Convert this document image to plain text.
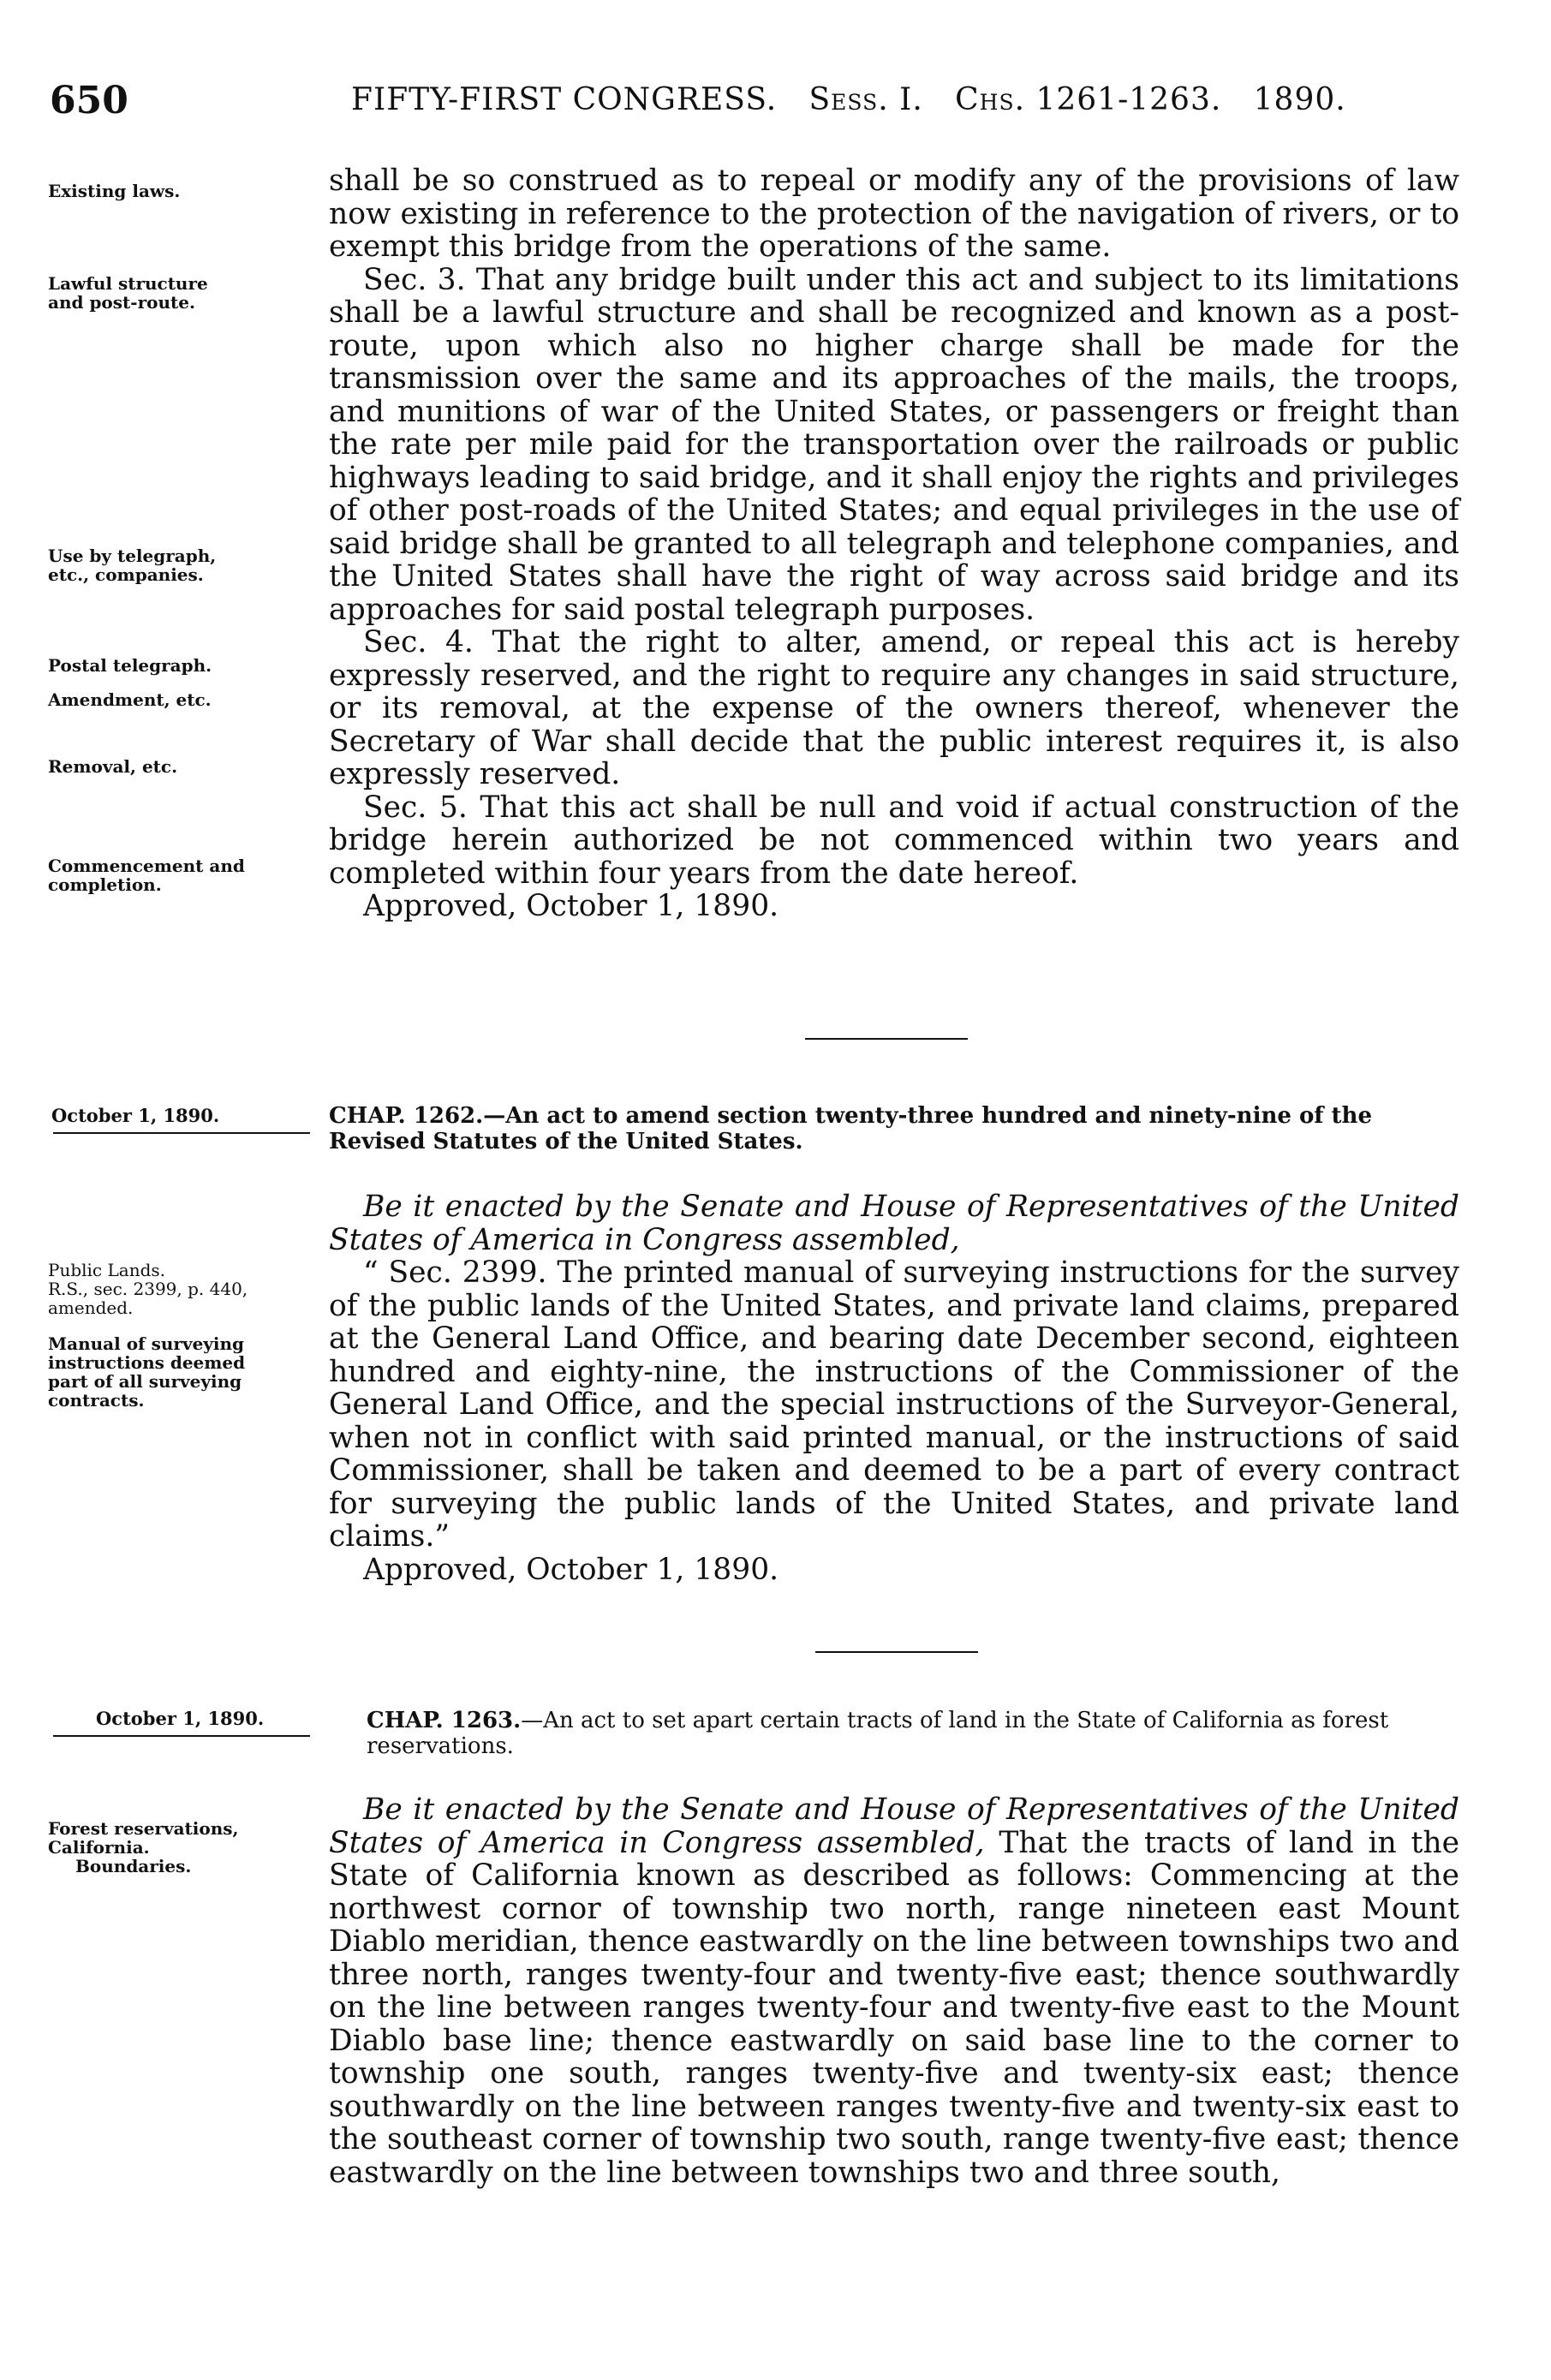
650	FIFTY-FIRST CONGRESS. Sess. I. Chs. 1261-1263. 1890.
Existing laws.
Lawful structure
and post-route.
Use by telegraph,
etc., companies.
Postal telegraph.
Amendment, etc.
Removal, etc.
Commencement and
completion.

shall be so construed as to repeal or modify any of the provisions of law now existing in reference to the protection of the navigation of rivers, or to exempt this bridge from the operations of the same.

Sec. 3. That any bridge built under this act and subject to its limitations shall be a lawful structure and shall be recognized and known as a post-route, upon which also no higher charge shall be made for the transmission over the same and its approaches of the mails, the troops, and munitions of war of the United States, or passengers or freight than the rate per mile paid for the transportation over the railroads or public highways leading to said bridge, and it shall enjoy the rights and privileges of other post-roads of the United States; and equal privileges in the use of said bridge shall be granted to all telegraph and telephone companies, and the United States shall have the right of way across said bridge and its approaches for said postal telegraph purposes.

Sec. 4. That the right to alter, amend, or repeal this act is hereby expressly reserved, and the right to require any changes in said structure, or its removal, at the expense of the owners thereof, whenever the Secretary of War shall decide that the public interest requires it, is also expressly reserved.

Sec. 5. That this act shall be null and void if actual construction of the bridge herein authorized be not commenced within two years and completed within four years from the date hereof.

Approved, October 1, 1890.

October 1, 1890.	CHAP. 1262.—An act to amend section twenty-three hundred and ninety-nine of the Revised Statutes of the United States.
Public Lands.
R.S., sec. 2399, p. 440,
amended.
Manual of surveying
instructions deemed
part of all surveying
contracts.

Be it enacted by the Senate and House of Representatives of the United States of America in Congress assembled,

“ Sec. 2399. The printed manual of surveying instructions for the survey of the public lands of the United States, and private land claims, prepared at the General Land Office, and bearing date December second, eighteen hundred and eighty-nine, the instructions of the Commissioner of the General Land Office, and the special instructions of the Surveyor-General, when not in conflict with said printed manual, or the instructions of said Commissioner, shall be taken and deemed to be a part of every contract for surveying the public lands of the United States, and private land claims.”

Approved, October 1, 1890.

October 1, 1890.	CHAP. 1263.—An act to set apart certain tracts of land in the State of California as forest reservations.
Forest reservations,
California.
Boundaries.

Be it enacted by the Senate and House of Representatives of the United States of America in Congress assembled, That the tracts of land in the State of California known as described as follows: Commencing at the northwest cornor of township two north, range nineteen east Mount Diablo meridian, thence eastwardly on the line between townships two and three north, ranges twenty-four and twenty-five east; thence southwardly on the line between ranges twenty-four and twenty-five east to the Mount Diablo base line; thence eastwardly on said base line to the corner to township one south, ranges twenty-five and twenty-six east; thence southwardly on the line between ranges twenty-five and twenty-six east to the southeast corner of township two south, range twenty-five east; thence eastwardly on the line between townships two and three south,
